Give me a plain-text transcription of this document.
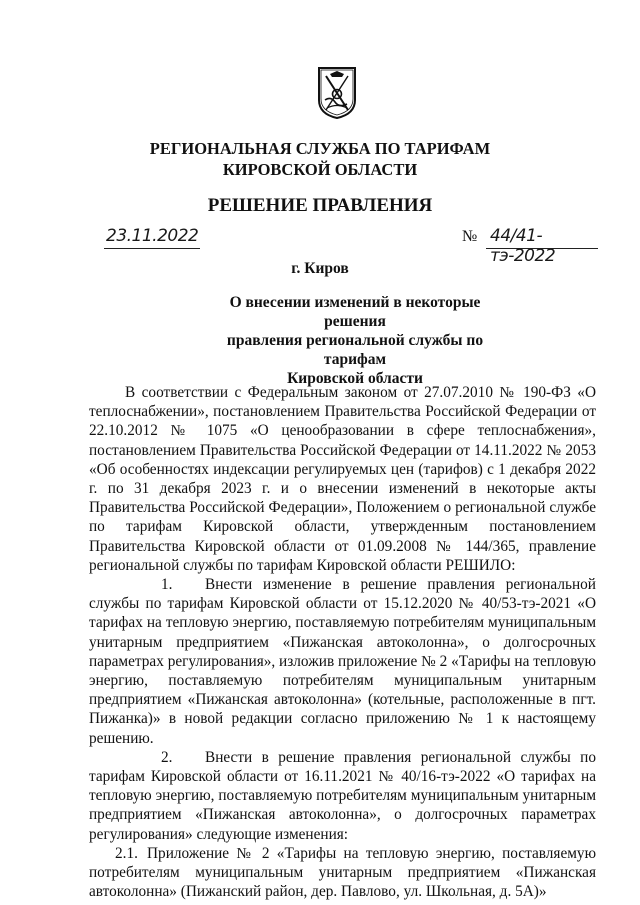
РЕГИОНАЛЬНАЯ СЛУЖБА ПО ТАРИФАМ
КИРОВСКОЙ ОБЛАСТИ
РЕШЕНИЕ ПРАВЛЕНИЯ
23.11.2022	№ 44/41-тэ-2022
г. Киров
О внесении изменений в некоторые решения
правления региональной службы по тарифам
Кировской области

В соответствии с Федеральным законом от 27.07.2010 № 190-ФЗ «О теплоснабжении», постановлением Правительства Российской Федерации от 22.10.2012 № 1075 «О ценообразовании в сфере теплоснабжения», постановлением Правительства Российской Федерации от 14.11.2022 № 2053 «Об особенностях индексации регулируемых цен (тарифов) с 1 декабря 2022 г. по 31 декабря 2023 г. и о внесении изменений в некоторые акты Правительства Российской Федерации», Положением о региональной службе по тарифам Кировской области, утвержденным постановлением Правительства Кировской области от 01.09.2008 № 144/365, правление региональной службы по тарифам Кировской области РЕШИЛО:

1. Внести изменение в решение правления региональной службы по тарифам Кировской области от 15.12.2020 № 40/53-тэ-2021 «О тарифах на тепловую энергию, поставляемую потребителям муниципальным унитарным предприятием «Пижанская автоколонна», о долгосрочных параметрах регулирования», изложив приложение № 2 «Тарифы на тепловую энергию, поставляемую потребителям муниципальным унитарным предприятием «Пижанская автоколонна» (котельные, расположенные в пгт. Пижанка)» в новой редакции согласно приложению № 1 к настоящему решению.

2. Внести в решение правления региональной службы по тарифам Кировской области от 16.11.2021 № 40/16-тэ-2022 «О тарифах на тепловую энергию, поставляемую потребителям муниципальным унитарным предприятием «Пижанская автоколонна», о долгосрочных параметрах регулирования» следующие изменения:

2.1. Приложение № 2 «Тарифы на тепловую энергию, поставляемую потребителям муниципальным унитарным предприятием «Пижанская автоколонна» (Пижанский район, дер. Павлово, ул. Школьная, д. 5А)»
